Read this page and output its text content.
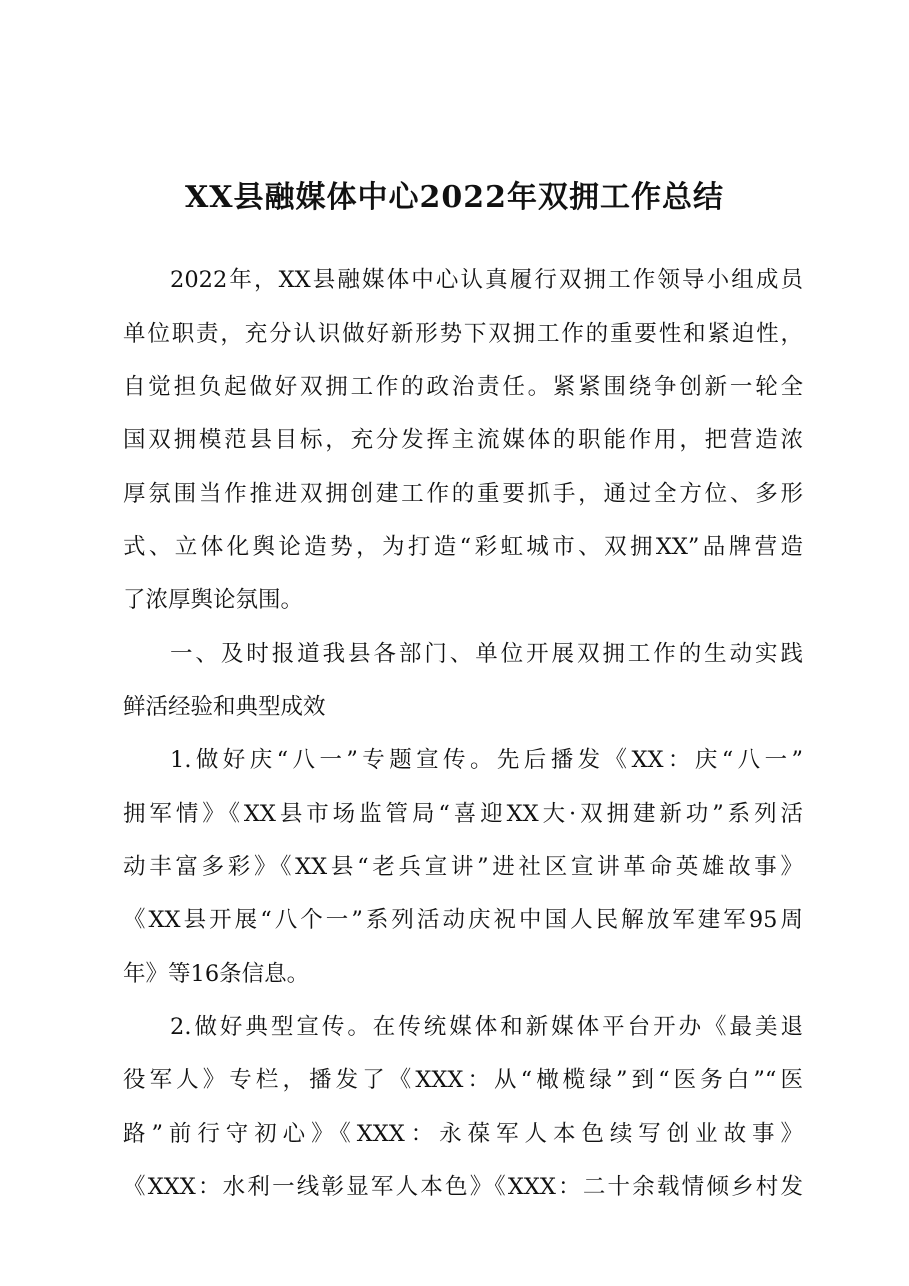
XX县融媒体中心2022年双拥工作总结
2022年，XX县融媒体中心认真履行双拥工作领导小组成员
单位职责，充分认识做好新形势下双拥工作的重要性和紧迫性，
自觉担负起做好双拥工作的政治责任。紧紧围绕争创新一轮全
国双拥模范县目标，充分发挥主流媒体的职能作用，把营造浓
厚氛围当作推进双拥创建工作的重要抓手，通过全方位、多形
式、立体化舆论造势，为打造“彩虹城市、双拥XX”品牌营造
了浓厚舆论氛围。
一、及时报道我县各部门、单位开展双拥工作的生动实践
鲜活经验和典型成效
1.做好庆“八一”专题宣传。先后播发《XX：庆“八一”
拥军情》《XX县市场监管局“喜迎XX大·双拥建新功”系列活
动丰富多彩》《XX县“老兵宣讲”进社区宣讲革命英雄故事》
《XX县开展“八个一”系列活动庆祝中国人民解放军建军95周
年》等16条信息。
2.做好典型宣传。在传统媒体和新媒体平台开办《最美退
役军人》专栏，播发了《XXX：从“橄榄绿”到“医务白”“医
路”前行守初心》《XXX：永葆军人本色续写创业故事》
《XXX：水利一线彰显军人本色》《XXX：二十余载情倾乡村发
